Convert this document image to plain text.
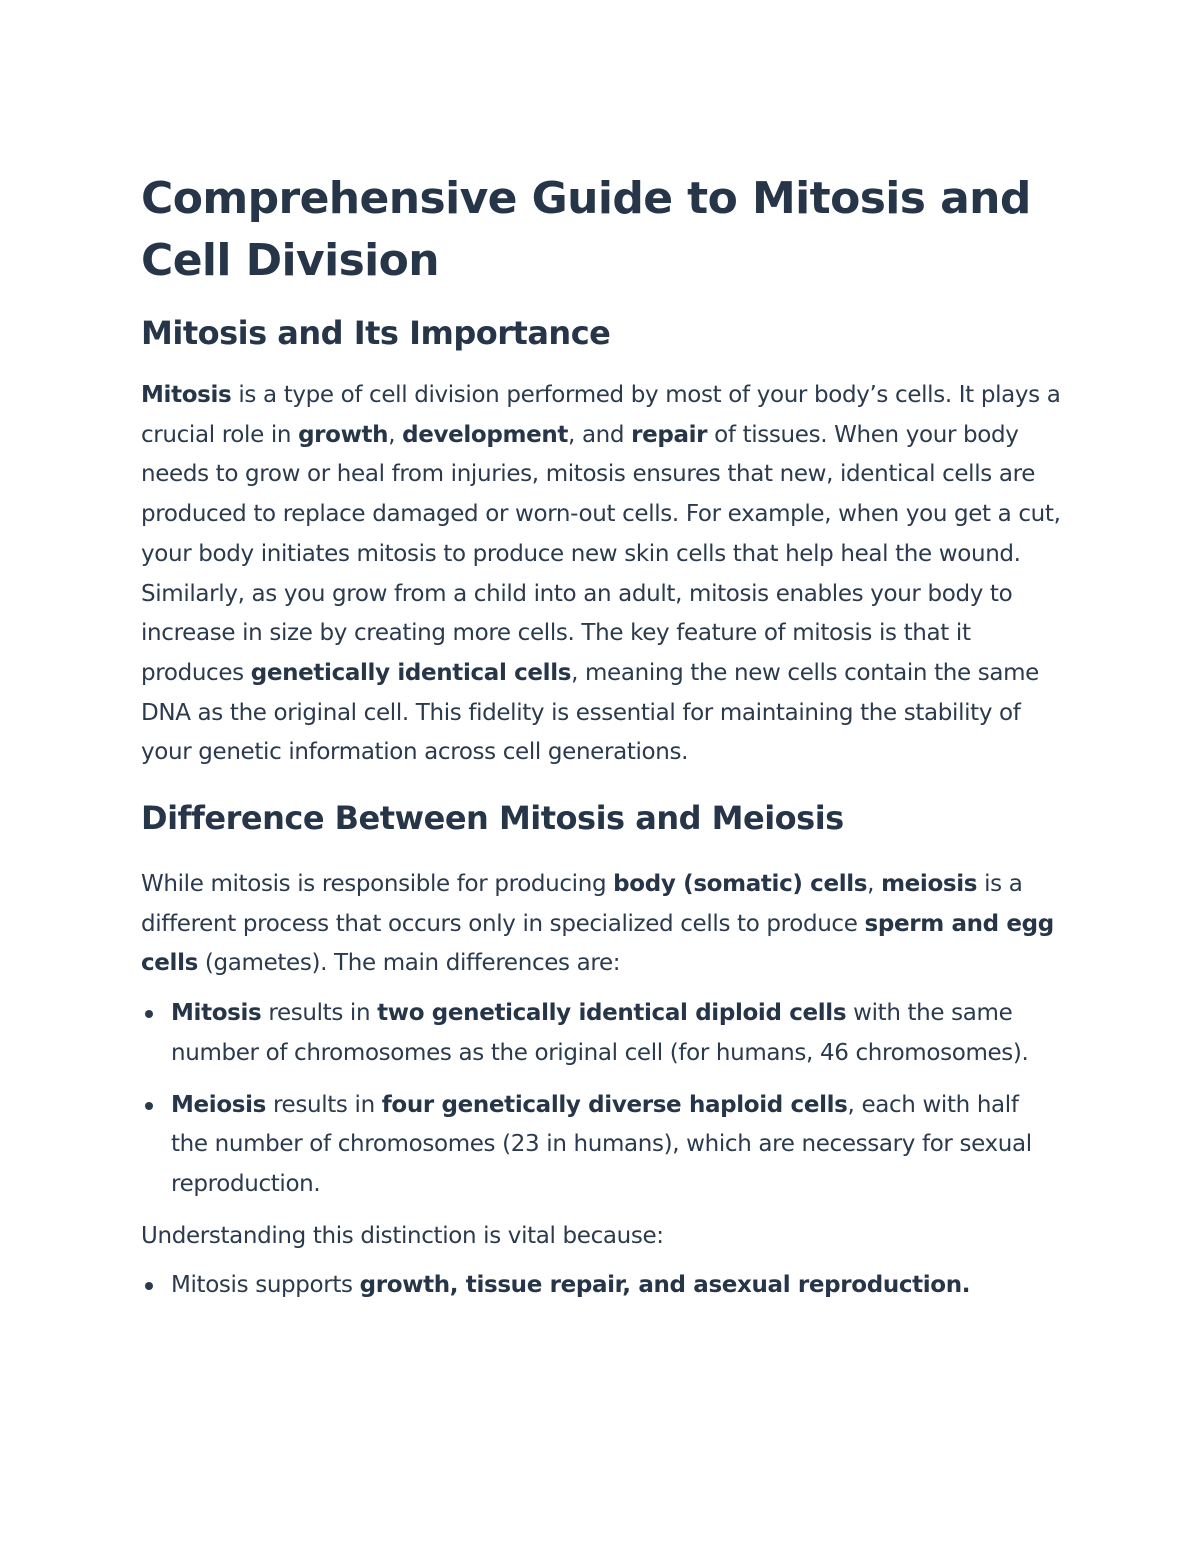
Comprehensive Guide to Mitosis and Cell Division
Mitosis and Its Importance

Mitosis is a type of cell division performed by most of your body’s cells. It plays a crucial role in growth, development, and repair of tissues. When your body needs to grow or heal from injuries, mitosis ensures that new, identical cells are produced to replace damaged or worn-out cells. For example, when you get a cut, your body initiates mitosis to produce new skin cells that help heal the wound. Similarly, as you grow from a child into an adult, mitosis enables your body to increase in size by creating more cells. The key feature of mitosis is that it produces genetically identical cells, meaning the new cells contain the same DNA as the original cell. This fidelity is essential for maintaining the stability of your genetic information across cell generations.

Difference Between Mitosis and Meiosis

While mitosis is responsible for producing body (somatic) cells, meiosis is a different process that occurs only in specialized cells to produce sperm and egg cells (gametes). The main differences are:

Mitosis results in two genetically identical diploid cells with the same number of chromosomes as the original cell (for humans, 46 chromosomes).
Meiosis results in four genetically diverse haploid cells, each with half the number of chromosomes (23 in humans), which are necessary for sexual reproduction.

Understanding this distinction is vital because:

Mitosis supports growth, tissue repair, and asexual reproduction.
